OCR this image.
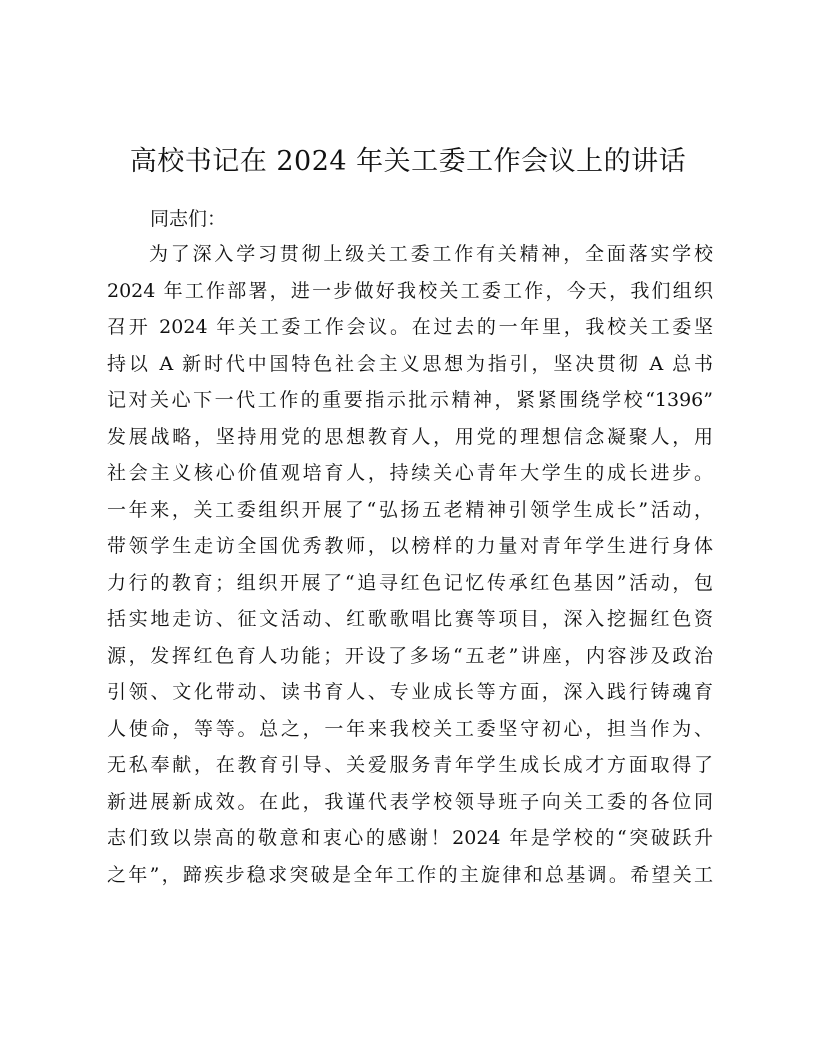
高校书记在 2024 年关工委工作会议上的讲话
同志们：
为了深入学习贯彻上级关工委工作有关精神，全面落实学校
2024 年工作部署，进一步做好我校关工委工作，今天，我们组织
召开 2024 年关工委工作会议。在过去的一年里，我校关工委坚
持以 A 新时代中国特色社会主义思想为指引，坚决贯彻 A 总书
记对关心下一代工作的重要指示批示精神，紧紧围绕学校“1396”
发展战略，坚持用党的思想教育人，用党的理想信念凝聚人，用
社会主义核心价值观培育人，持续关心青年大学生的成长进步。
一年来，关工委组织开展了“弘扬五老精神引领学生成长”活动，
带领学生走访全国优秀教师，以榜样的力量对青年学生进行身体
力行的教育；组织开展了“追寻红色记忆传承红色基因”活动，包
括实地走访、征文活动、红歌歌唱比赛等项目，深入挖掘红色资
源，发挥红色育人功能；开设了多场“五老”讲座，内容涉及政治
引领、文化带动、读书育人、专业成长等方面，深入践行铸魂育
人使命，等等。总之，一年来我校关工委坚守初心，担当作为、
无私奉献，在教育引导、关爱服务青年学生成长成才方面取得了
新进展新成效。在此，我谨代表学校领导班子向关工委的各位同
志们致以崇高的敬意和衷心的感谢！2024 年是学校的“突破跃升
之年”，蹄疾步稳求突破是全年工作的主旋律和总基调。希望关工
